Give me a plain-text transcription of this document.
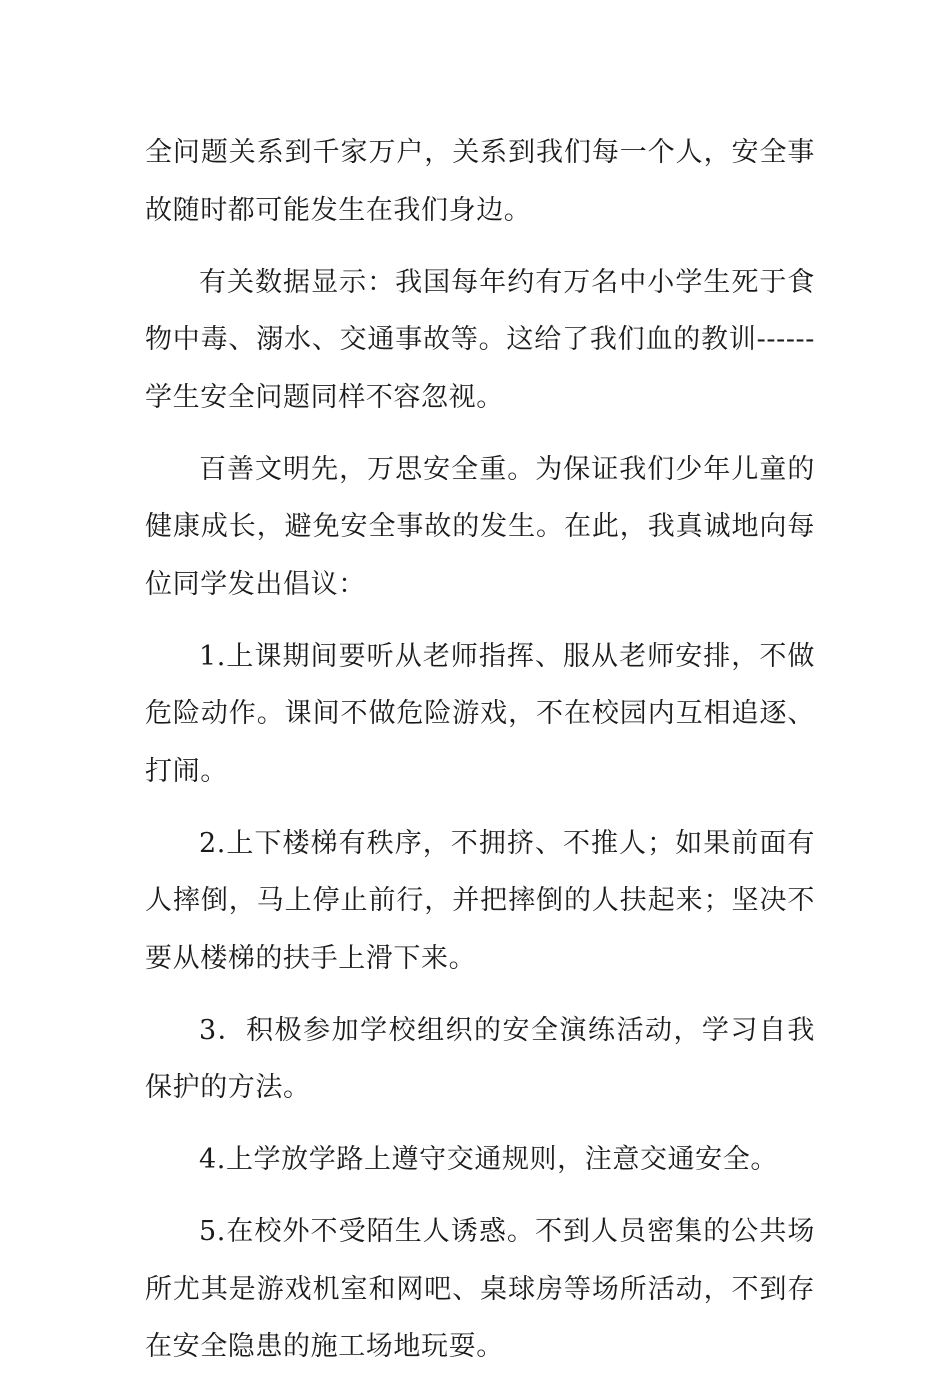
全问题关系到千家万户，关系到我们每一个人，安全事故随时都可能发生在我们身边。

有关数据显示：我国每年约有万名中小学生死于食物中毒、溺水、交通事故等。这给了我们血的教训------学生安全问题同样不容忽视。

百善文明先，万思安全重。为保证我们少年儿童的健康成长，避免安全事故的发生。在此，我真诚地向每位同学发出倡议：

1.上课期间要听从老师指挥、服从老师安排，不做危险动作。课间不做危险游戏，不在校园内互相追逐、打闹。

2.上下楼梯有秩序，不拥挤、不推人；如果前面有人摔倒，马上停止前行，并把摔倒的人扶起来；坚决不要从楼梯的扶手上滑下来。

3．积极参加学校组织的安全演练活动，学习自我保护的方法。

4.上学放学路上遵守交通规则，注意交通安全。

5.在校外不受陌生人诱惑。不到人员密集的公共场所尤其是游戏机室和网吧、桌球房等场所活动，不到存在安全隐患的施工场地玩耍。
